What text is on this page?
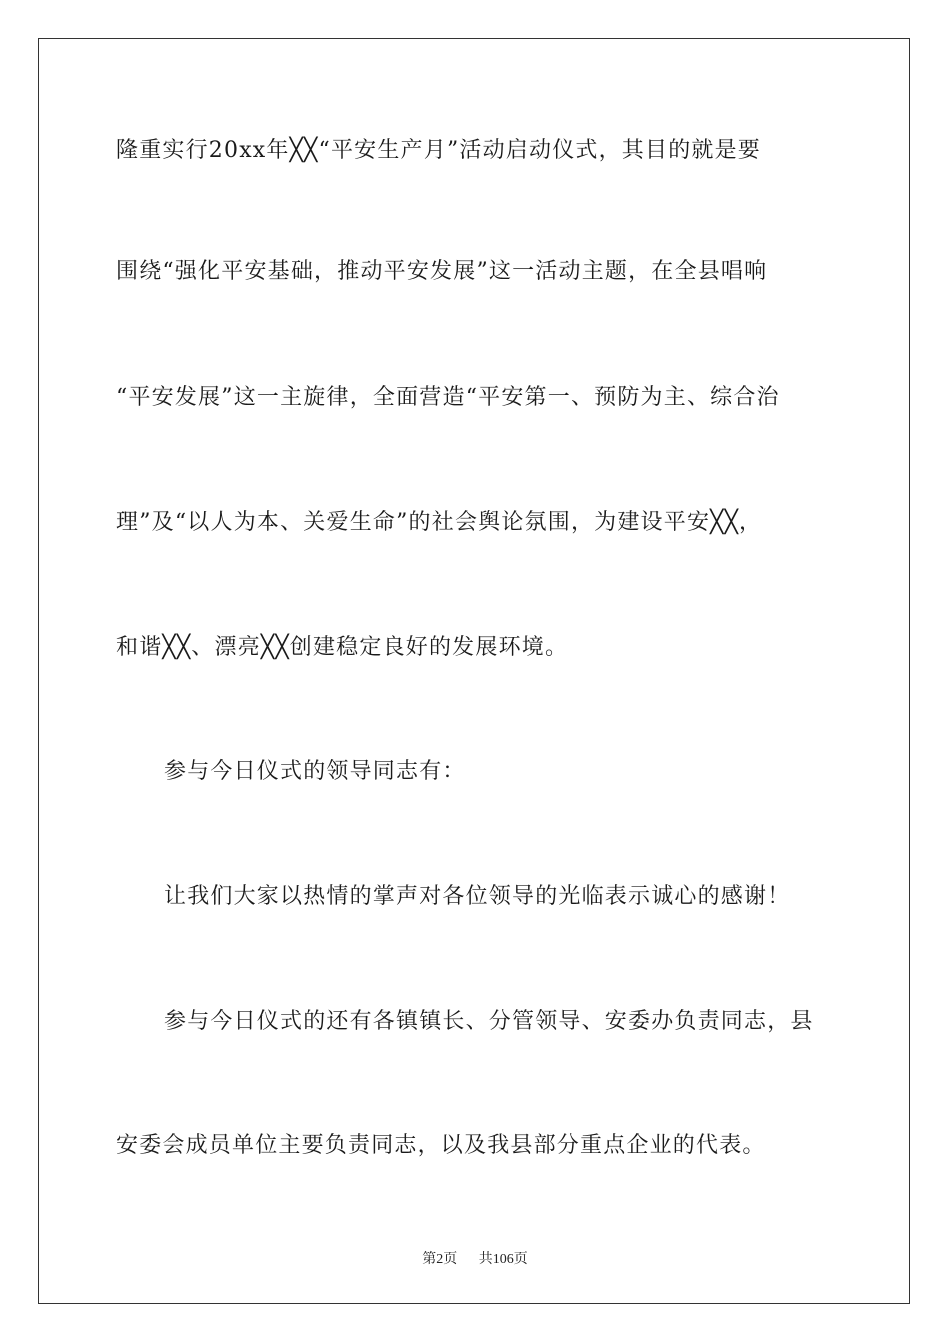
隆重实行20xx年╳╳“平安生产月”活动启动仪式，其目的就是要
围绕“强化平安基础，推动平安发展”这一活动主题，在全县唱响
“平安发展”这一主旋律，全面营造“平安第一、预防为主、综合治
理”及“以人为本、关爱生命”的社会舆论氛围，为建设平安╳╳，
和谐╳╳、漂亮╳╳创建稳定良好的发展环境。
参与今日仪式的领导同志有：
让我们大家以热情的掌声对各位领导的光临表示诚心的感谢！
参与今日仪式的还有各镇镇长、分管领导、安委办负责同志，县
安委会成员单位主要负责同志，以及我县部分重点企业的代表。
第2页 共106页
